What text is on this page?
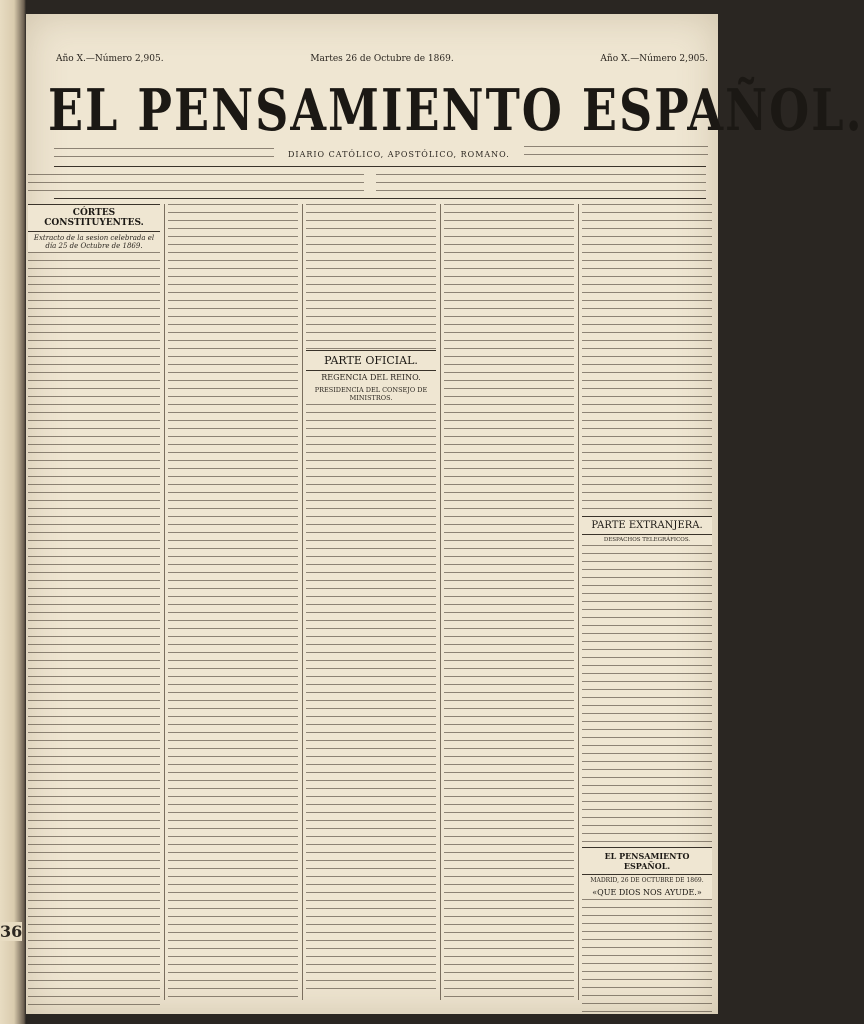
36
Año X.—Número 2,905.	Martes 26 de Octubre de 1869.	Año X.—Número 2,905.
EL PENSAMIENTO ESPAÑOL.
DIARIO CATÓLICO, APOSTÓLICO, ROMANO.
CÓRTES CONSTITUYENTES.
Extracto de la sesion celebrada el día 25 de Octubre de 1869.
PARTE OFICIAL.
REGENCIA DEL REINO.
PRESIDENCIA DEL CONSEJO DE MINISTROS.
PARTE EXTRANJERA.
DESPACHOS TELEGRÁFICOS.
EL PENSAMIENTO ESPAÑOL.
MADRID, 26 DE OCTUBRE DE 1869.
«QUE DIOS NOS AYUDE.»
